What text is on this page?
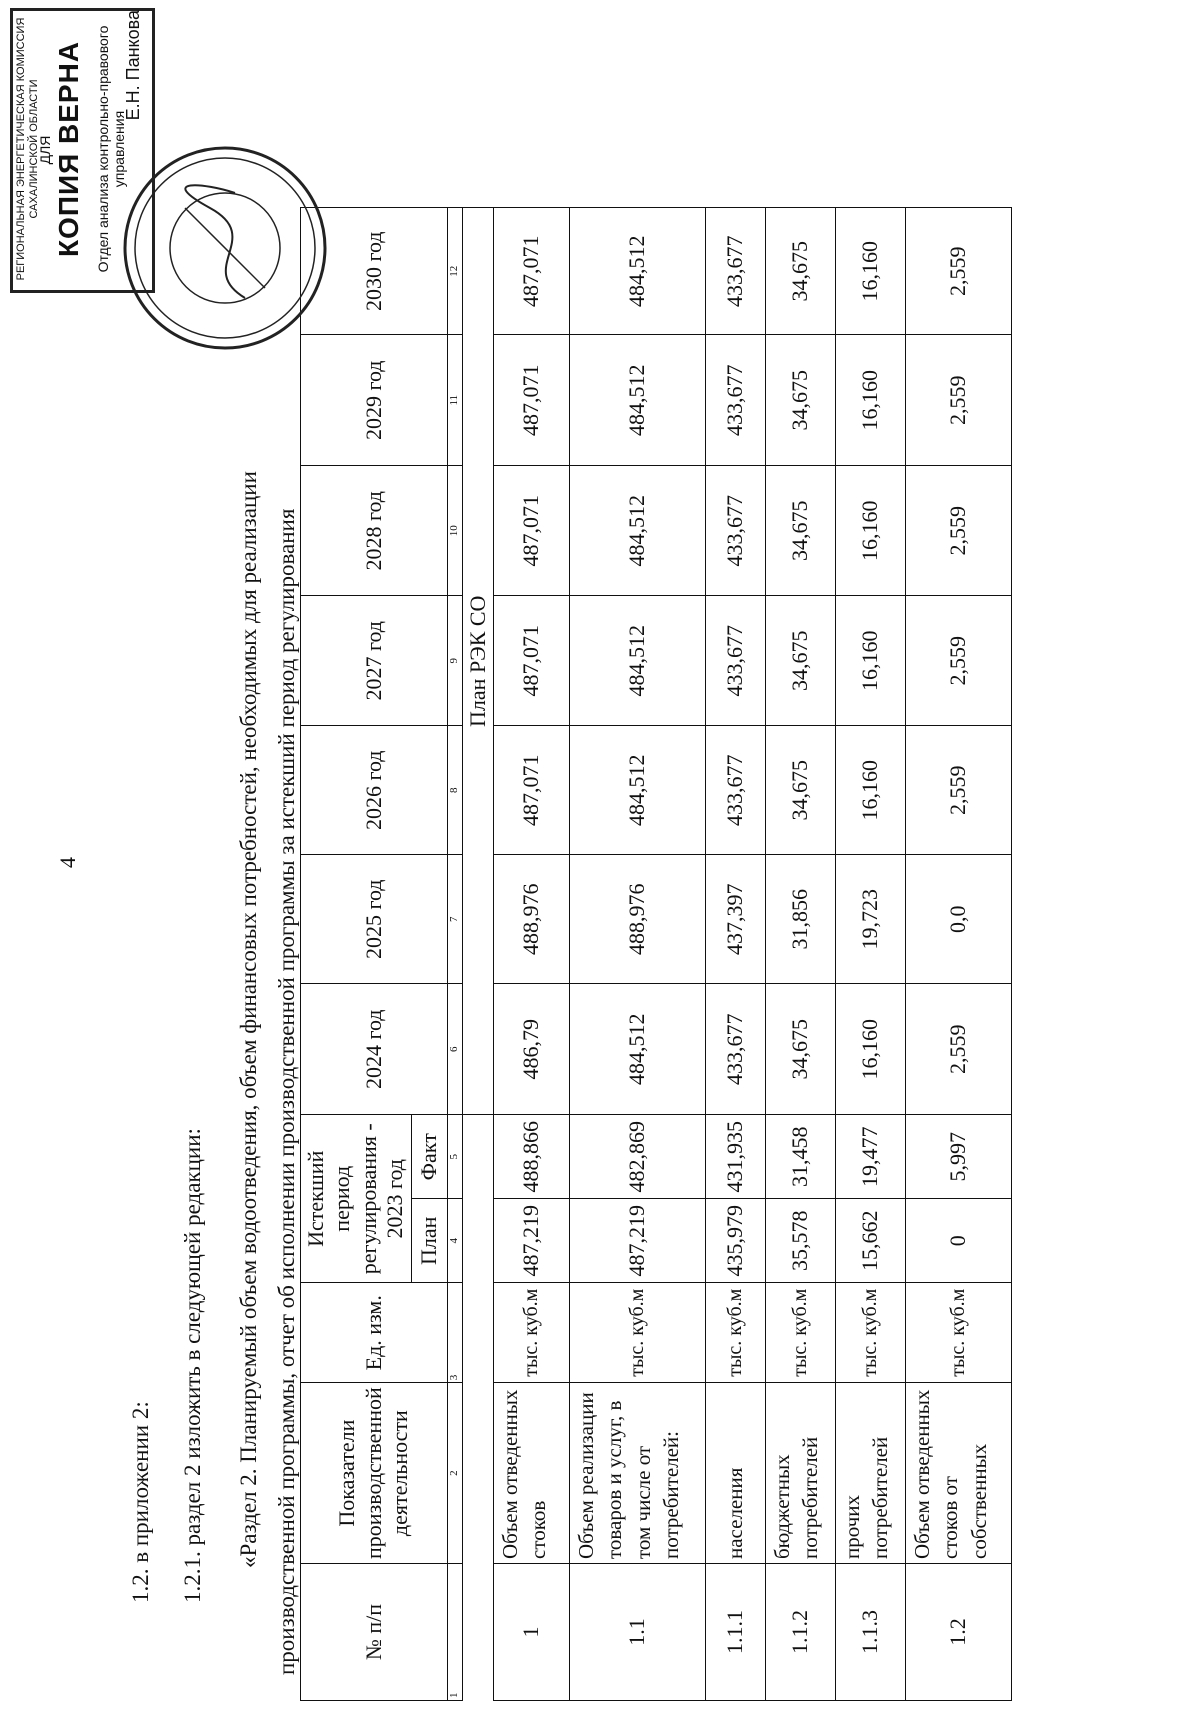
4
1.2. в приложении 2: 1.2.1. раздел 2 изложить в следующей редакции: «Раздел 2. Планируемый объем водоотведения, объем финансовых потребностей, необходимых для реализации производственной программы, отчет об исполнении производственной программы за истекший период регулирования	№ п/п	Показатели производственной деятельности	Ед. изм.	Истекший период регулирования - 2023 год		2024 год	2025 год	2026 год	2027 год	2028 год	2029 год	2030 год
			План	Факт							
1	2	3	4	5	6	7	8	9	10	11	12
					План РЭК СО						
1	Объем отведенных стоков	тыс. куб.м	487,219	488,866	486,79	488,976	487,071	487,071	487,071	487,071	487,071
1.1	Объем реализации товаров и услуг, в том числе от потребителей:	тыс. куб.м	487,219	482,869	484,512	488,976	484,512	484,512	484,512	484,512	484,512
1.1.1	населения	тыс. куб.м	435,979	431,935	433,677	437,397	433,677	433,677	433,677	433,677	433,677
1.1.2	бюджетных потребителей	тыс. куб.м	35,578	31,458	34,675	31,856	34,675	34,675	34,675	34,675	34,675
1.1.3	прочих потребителей	тыс. куб.м	15,662	19,477	16,160	19,723	16,160	16,160	16,160	16,160	16,160
1.2	Объем отведенных стоков от собственных	тыс. куб.м	0	5,997	2,559	0,0	2,559	2,559	2,559	2,559	2,559
РЕГИОНАЛЬНАЯ ЭНЕРГЕТИЧЕСКАЯ КОМИССИЯ САХАЛИНСКОЙ ОБЛАСТИ
ДЛЯ КОПИЯ ВЕРНА Отдел анализа контрольно-правового управления
Е.Н. Панкова
